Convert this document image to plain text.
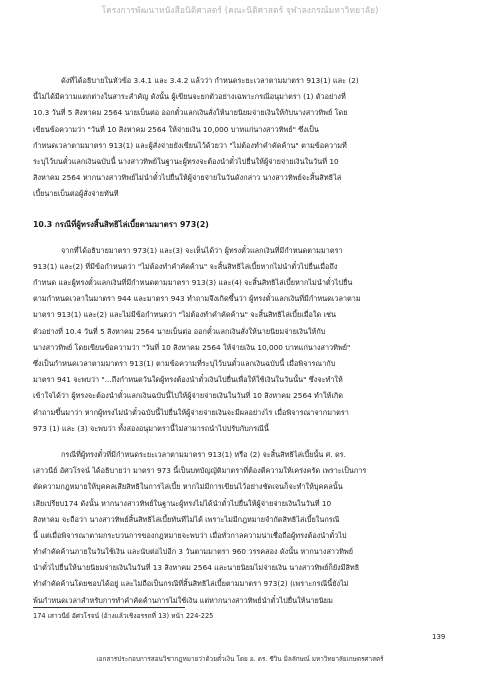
โครงการพัฒนาหนังสือนิติศาสตร์ (คณะนิติศาสตร์ จุฬาลงกรณ์มหาวิทยาลัย)
ดังที่ได้อธิบายในหัวข้อ 3.4.1 และ 3.4.2 แล้วว่า กำหนดระยะเวลาตามมาตรา 913(1) และ (2)
นี้ไม่ได้มีความแตกต่างในสาระสำคัญ ดังนั้น ผู้เขียนจะยกตัวอย่างเฉพาะกรณีอนุมาตรา (1) ตัวอย่างที่
10.3 วันที่ 5 สิงหาคม 2564 นายเบ็นต่อ ออกตั๋วแลกเงินสั่งให้นายนิยมจ่ายเงินให้กับนางสาวทิพย์ โดย
เขียนข้อความว่า "วันที่ 10 สิงหาคม 2564 ให้จ่ายเงิน 10,000 บาทแก่นางสาวทิพย์" ซึ่งเป็น
กำหนดเวลาตามมาตรา 913(1) และผู้สั่งจ่ายยังเขียนไว้ด้วยว่า "ไม่ต้องทำคำคัดค้าน" ตามข้อความที่
ระบุไว้บนตั๋วแลกเงินฉบับนี้ นางสาวทิพย์ในฐานะผู้ทรงจะต้องนำตั๋วไปยื่นให้ผู้จ่ายจ่ายเงินในวันที่ 10
สิงหาคม 2564 หากนางสาวทิพย์ไม่นำตั๋วไปยื่นให้ผู้จ่ายจ่ายในวันดังกล่าว นางสาวทิพย์จะสิ้นสิทธิไล่
เบี้ยนายเบ็นต่อผู้สั่งจ่ายทันที
10.3 กรณีที่ผู้ทรงสิ้นสิทธิไล่เบี้ยตามมาตรา 973(2)
จากที่ได้อธิบายมาตรา 973(1) และ(3) จะเห็นได้ว่า ผู้ทรงตั๋วแลกเงินที่มีกำหนดตามมาตรา
913(1) และ(2) ที่มีข้อกำหนดว่า "ไม่ต้องทำคำคัดค้าน" จะสิ้นสิทธิไล่เบี้ยหากไม่นำตั๋วไปยื่นเมื่อถึง
กำหนด และผู้ทรงตั๋วแลกเงินที่มีกำหนดตามมาตรา 913(3) และ(4) จะสิ้นสิทธิไล่เบี้ยหากไม่นำตั๋วไปยื่น
ตามกำหนดเวลาในมาตรา 944 และมาตรา 943 ทำถามจึงเกิดขึ้นว่า ผู้ทรงตั๋วแลกเงินที่มีกำหนดเวลาตาม
มาตรา 913(1) และ(2) และไม่มีข้อกำหนดว่า "ไม่ต้องทำคำคัดค้าน" จะสิ้นสิทธิไล่เบี้ยเมื่อใด เช่น
ตัวอย่างที่ 10.4 วันที่ 5 สิงหาคม 2564 นายเบ็นต่อ ออกตั๋วแลกเงินสั่งให้นายนิยมจ่ายเงินให้กับ
นางสาวทิพย์ โดยเขียนข้อความว่า "วันที่ 10 สิงหาคม 2564 ให้จ่ายเงิน 10,000 บาทแก่นางสาวทิพย์"
ซึ่งเป็นกำหนดเวลาตามมาตรา 913(1) ตามข้อความที่ระบุไว้บนตั๋วแลกเงินฉบับนี้ เมื่อพิจารณากับ
มาตรา 941 จะพบว่า "...ถึงกำหนดวันใดผู้ทรงต้องนำตั๋วเงินไปยื่นเพื่อให้ใช้เงินในวันนั้น" ซึ่งจะทำให้
เข้าใจได้ว่า ผู้ทรงจะต้องนำตั๋วแลกเงินฉบับนี้ไปให้ผู้จ่ายจ่ายเงินในวันที่ 10 สิงหาคม 2564 ทำให้เกิด
คำถามขึ้นมาว่า หากผู้ทรงไม่นำตั๋วฉบับนี้ไปยื่นให้ผู้จ่ายจ่ายเงินจะมีผลอย่างไร เมื่อพิจารณาจากมาตรา
973 (1) และ (3) จะพบว่า ทั้งสองอนุมาตรานี้ไม่สามารถนำไปปรับกับกรณีนี้
กรณีที่ผู้ทรงตั๋วที่มีกำหนดระยะเวลาตามมาตรา 913(1) หรือ (2) จะสิ้นสิทธิไล่เบี้ยนั้น ศ. ดร.
เสาวนีย์ อัศวโรจน์ ได้อธิบายว่า มาตรา 973 นี้เป็นบทบัญญัติมาตราที่ต้องตีความให้เคร่งครัด เพราะเป็นการ
ตัดความกฎหมายให้บุคคลเสียสิทธิในการไล่เบี้ย หากไม่มีการเขียนไว้อย่างชัดเจนก็จะทำให้บุคคลนั้น
เสียเปรียบ174 ดังนั้น หากนางสาวทิพย์ในฐานะผู้ทรงไม่ได้นำตั๋วไปยื่นให้ผู้จ่ายจ่ายเงินในวันที่ 10
สิงหาคม จะถือว่า นางสาวทิพย์สิ้นสิทธิไล่เบี้ยทันทีไม่ได้ เพราะไม่มีกฎหมายจำกัดสิทธิไล่เบี้ยในกรณี
นี้ แต่เมื่อพิจารณาตามกระบวนการของกฎหมายจะพบว่า เมื่อทั่วกาลความน่าเชื่อถือผู้ทรงต้องนำตั๋วไป
ทำคำคัดค้านภายในวันใช้เงิน และนับต่อไปอีก 3 วันตามมาตรา 960 วรรคสอง ดังนั้น หากนางสาวทิพย์
นำตั๋วไปยื่นให้นายนิยมจ่ายเงินในวันที่ 13 สิงหาคม 2564 และนายนิยมไม่จ่ายเงิน นางสาวทิพย์ก็ยังมีสิทธิ
ทำคำคัดค้านโดยชอบได้อยู่ และไม่ถือเป็นกรณีที่สิ้นสิทธิไล่เบี้ยตามมาตรา 973(2) (เพราะกรณีนี้ยังไม่
พ้นกำหนดเวลาสำหรับการทำคำคัดค้านการไม่ใช้เงิน แต่หากนางสาวทิพย์นำตั๋วไปยื่นให้นายนิยม
174 เสาวนีย์ อัศวโรจน์ (อ้างแล้วเชิงอรรถที่ 13) หน้า 224-225
139
เอกสารประกอบการสอนวิชากฎหมายว่าด้วยตั๋วเงิน โดย อ. ดร. ชีวิน มิลลักษณ์ มหาวิทยาลัยเกษตรศาสตร์
